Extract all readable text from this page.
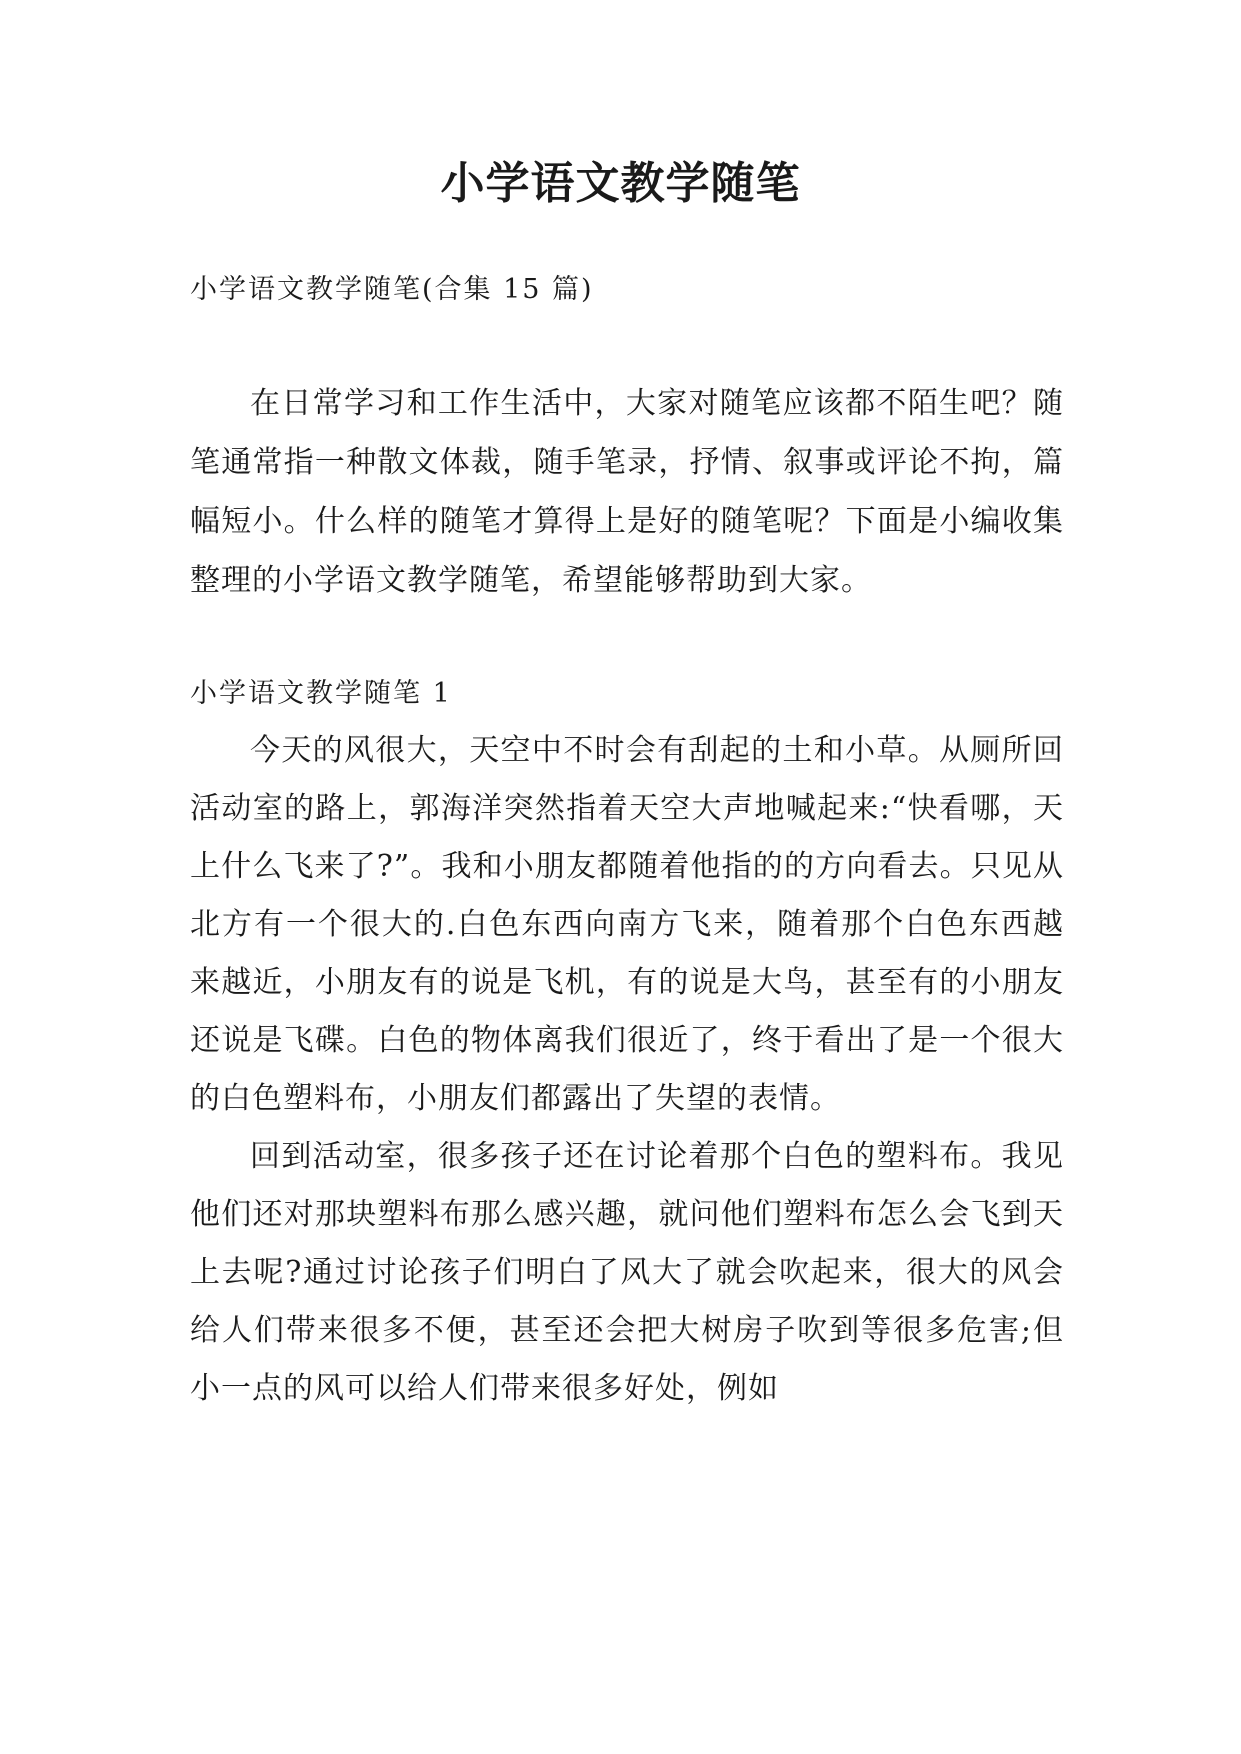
小学语文教学随笔

小学语文教学随笔(合集 15 篇)

在日常学习和工作生活中，大家对随笔应该都不陌生吧？随笔通常指一种散文体裁，随手笔录，抒情、叙事或评论不拘，篇幅短小。什么样的随笔才算得上是好的随笔呢？下面是小编收集整理的小学语文教学随笔，希望能够帮助到大家。

小学语文教学随笔 1

今天的风很大，天空中不时会有刮起的土和小草。从厕所回活动室的路上，郭海洋突然指着天空大声地喊起来:“快看哪，天上什么飞来了?”。我和小朋友都随着他指的的方向看去。只见从北方有一个很大的.白色东西向南方飞来，随着那个白色东西越来越近，小朋友有的说是飞机，有的说是大鸟，甚至有的小朋友还说是飞碟。白色的物体离我们很近了，终于看出了是一个很大的白色塑料布，小朋友们都露出了失望的表情。

回到活动室，很多孩子还在讨论着那个白色的塑料布。我见他们还对那块塑料布那么感兴趣，就问他们塑料布怎么会飞到天上去呢?通过讨论孩子们明白了风大了就会吹起来，很大的风会给人们带来很多不便，甚至还会把大树房子吹到等很多危害;但小一点的风可以给人们带来很多好处，例如
